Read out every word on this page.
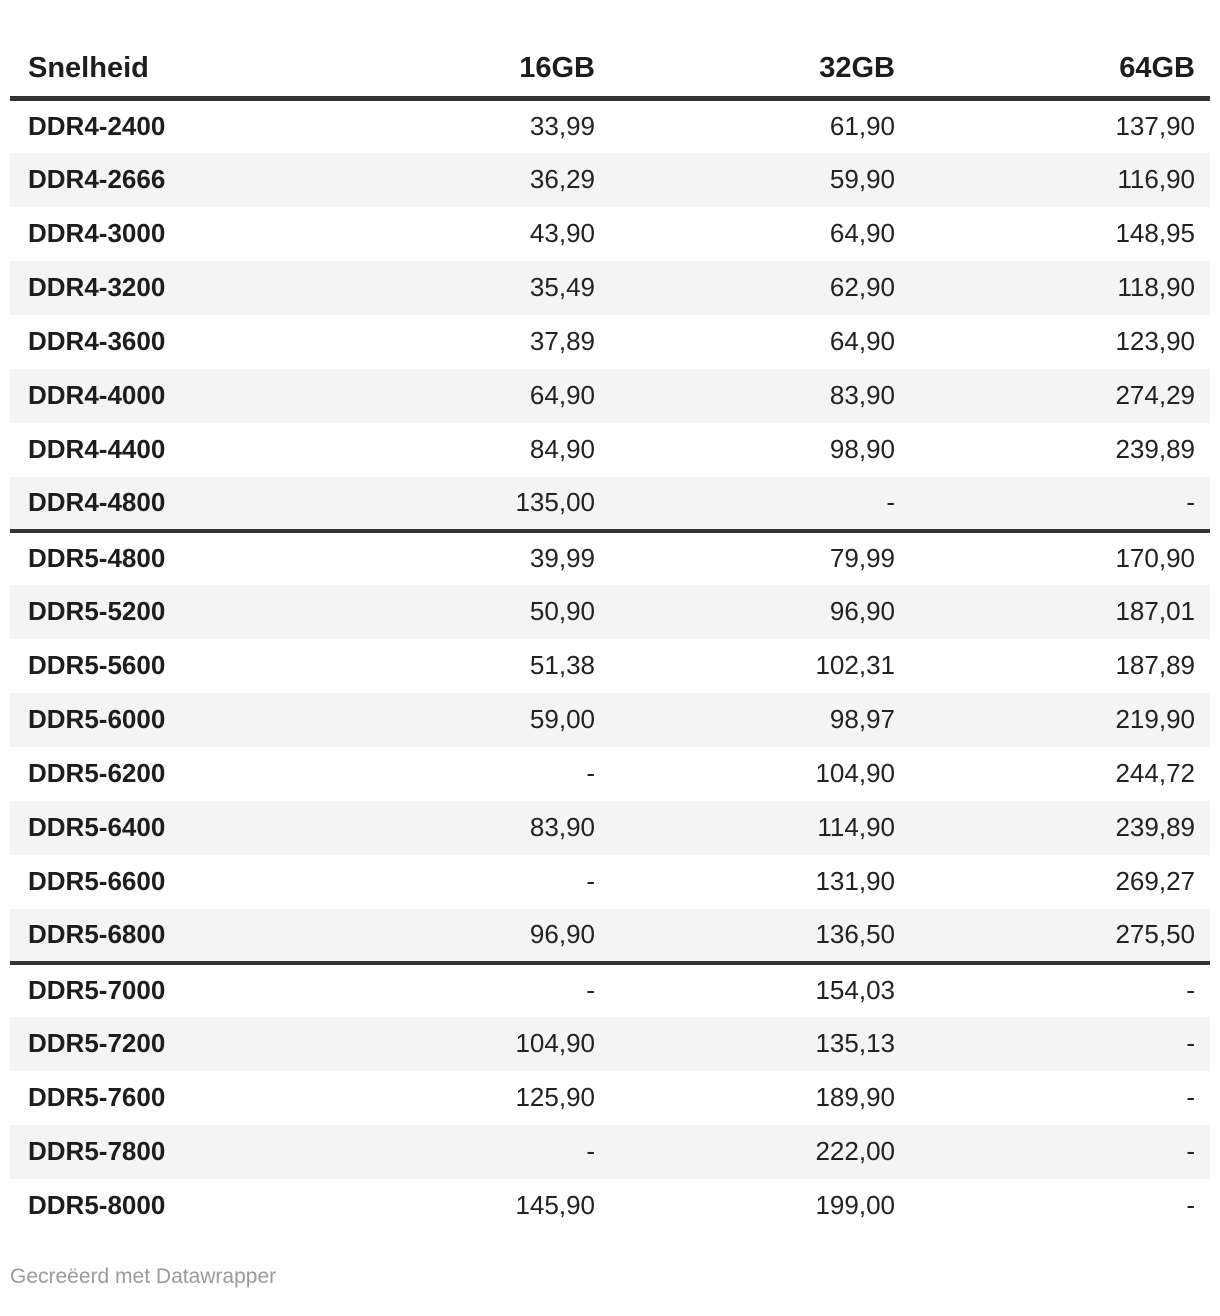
Snelheid	16GB	32GB	64GB
DDR4-2400	33,99	61,90	137,90
DDR4-2666	36,29	59,90	116,90
DDR4-3000	43,90	64,90	148,95
DDR4-3200	35,49	62,90	118,90
DDR4-3600	37,89	64,90	123,90
DDR4-4000	64,90	83,90	274,29
DDR4-4400	84,90	98,90	239,89
DDR4-4800	135,00	-	-
DDR5-4800	39,99	79,99	170,90
DDR5-5200	50,90	96,90	187,01
DDR5-5600	51,38	102,31	187,89
DDR5-6000	59,00	98,97	219,90
DDR5-6200	-	104,90	244,72
DDR5-6400	83,90	114,90	239,89
DDR5-6600	-	131,90	269,27
DDR5-6800	96,90	136,50	275,50
DDR5-7000	-	154,03	-
DDR5-7200	104,90	135,13	-
DDR5-7600	125,90	189,90	-
DDR5-7800	-	222,00	-
DDR5-8000	145,90	199,00	-
Gecreëerd met Datawrapper
